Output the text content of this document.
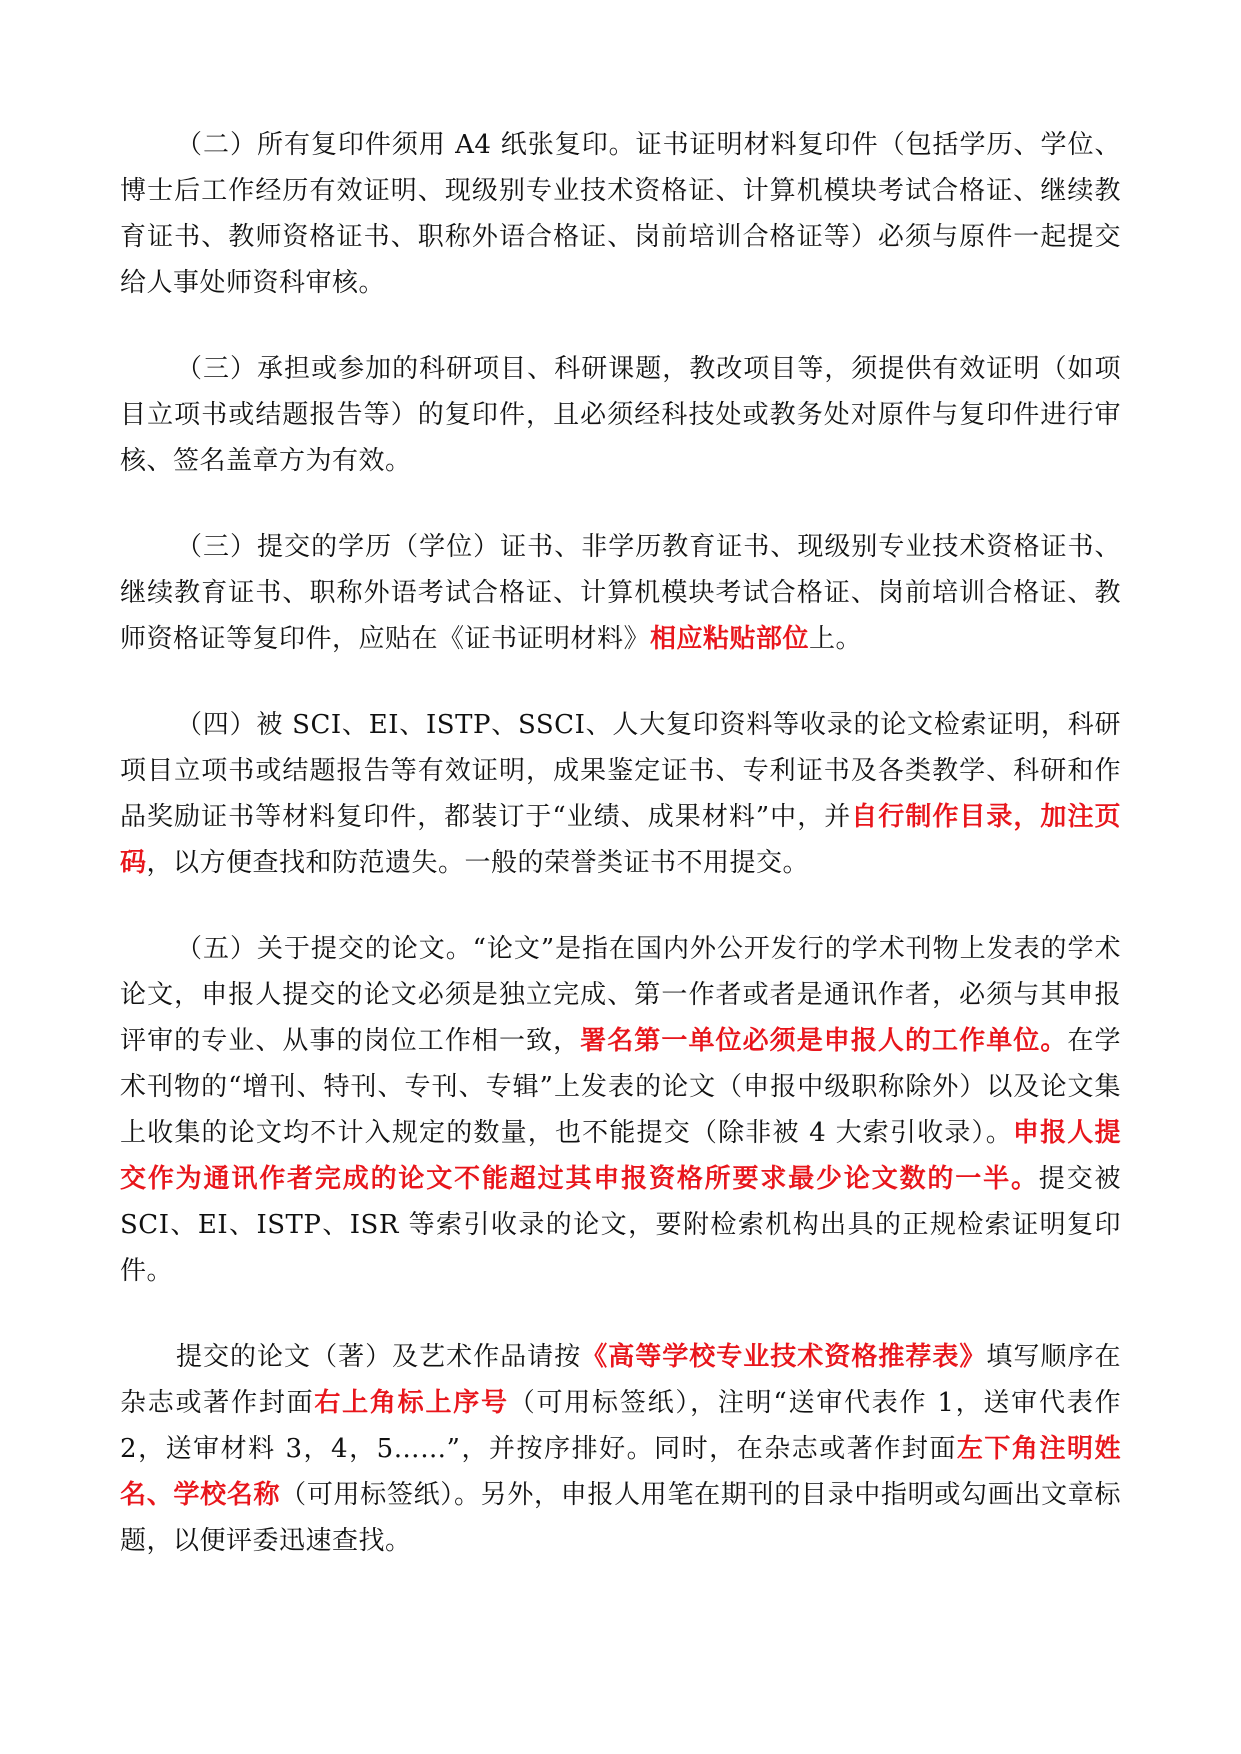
（二）所有复印件须用 A4 纸张复印。证书证明材料复印件（包括学历、学位、博士后工作经历有效证明、现级别专业技术资格证、计算机模块考试合格证、继续教育证书、教师资格证书、职称外语合格证、岗前培训合格证等）必须与原件一起提交给人事处师资科审核。

（三）承担或参加的科研项目、科研课题，教改项目等，须提供有效证明（如项目立项书或结题报告等）的复印件，且必须经科技处或教务处对原件与复印件进行审核、签名盖章方为有效。

（三）提交的学历（学位）证书、非学历教育证书、现级别专业技术资格证书、继续教育证书、职称外语考试合格证、计算机模块考试合格证、岗前培训合格证、教师资格证等复印件，应贴在《证书证明材料》相应粘贴部位上。

（四）被 SCI、EI、ISTP、SSCI、人大复印资料等收录的论文检索证明，科研项目立项书或结题报告等有效证明，成果鉴定证书、专利证书及各类教学、科研和作品奖励证书等材料复印件，都装订于“业绩、成果材料”中，并自行制作目录，加注页码，以方便查找和防范遗失。一般的荣誉类证书不用提交。

（五）关于提交的论文。“论文”是指在国内外公开发行的学术刊物上发表的学术论文，申报人提交的论文必须是独立完成、第一作者或者是通讯作者，必须与其申报评审的专业、从事的岗位工作相一致，署名第一单位必须是申报人的工作单位。在学术刊物的“增刊、特刊、专刊、专辑”上发表的论文（申报中级职称除外）以及论文集上收集的论文均不计入规定的数量，也不能提交（除非被 4 大索引收录）。申报人提交作为通讯作者完成的论文不能超过其申报资格所要求最少论文数的一半。提交被 SCI、EI、ISTP、ISR 等索引收录的论文，要附检索机构出具的正规检索证明复印件。

提交的论文（著）及艺术作品请按《高等学校专业技术资格推荐表》填写顺序在杂志或著作封面右上角标上序号（可用标签纸），注明“送审代表作 1，送审代表作 2，送审材料 3，4，5……”，并按序排好。同时，在杂志或著作封面左下角注明姓名、学校名称（可用标签纸）。另外，申报人用笔在期刊的目录中指明或勾画出文章标题，以便评委迅速查找。
